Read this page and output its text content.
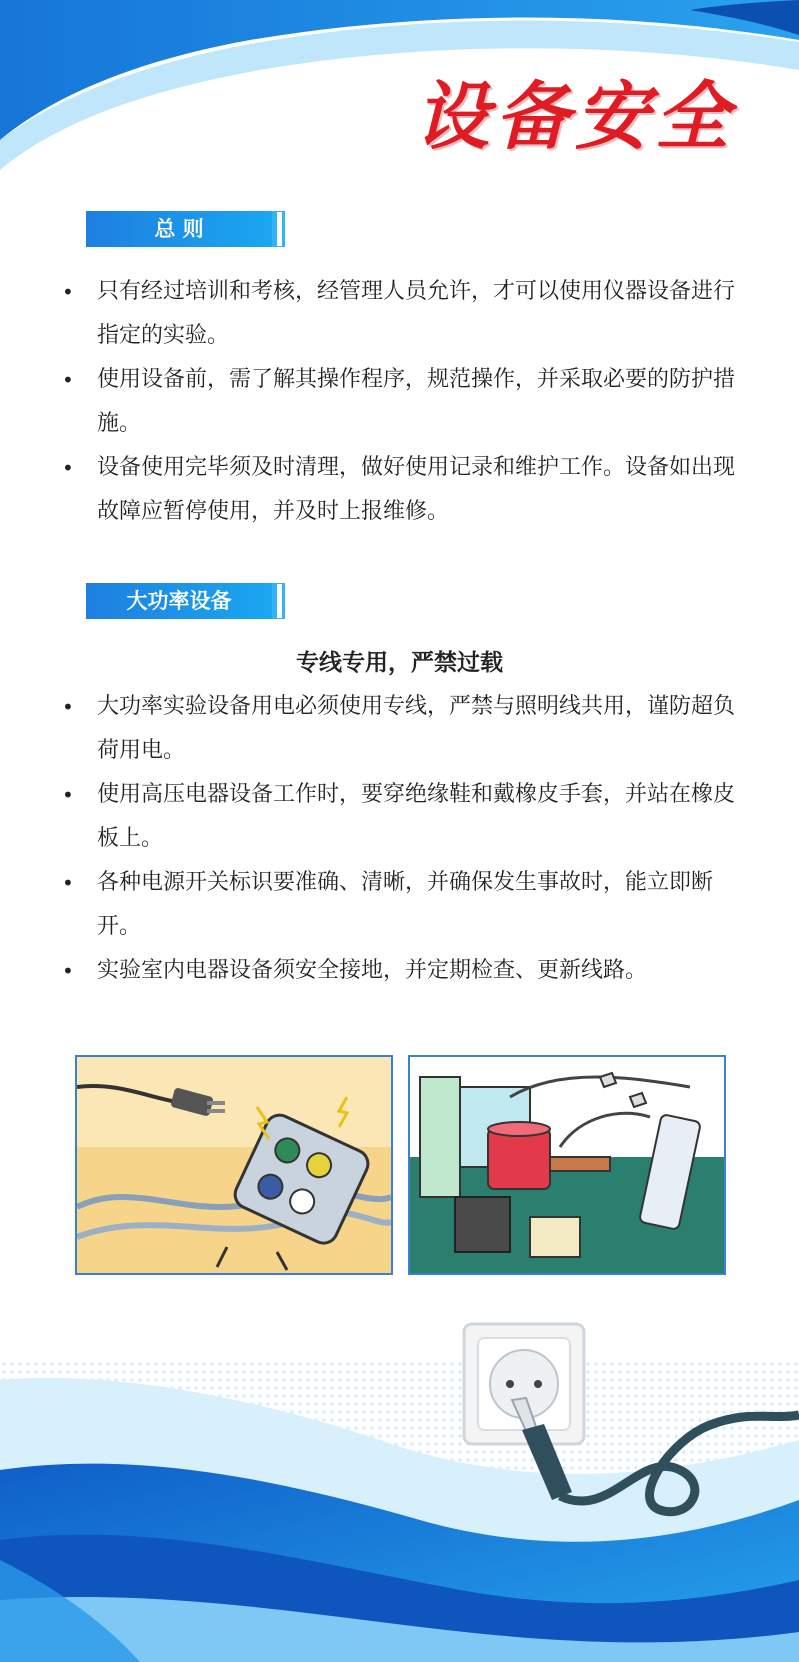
设备安全
总 则
• 只有经过培训和考核，经管理人员允许，才可以使用仪器设备进行指定的实验。
• 使用设备前，需了解其操作程序，规范操作，并采取必要的防护措施。
• 设备使用完毕须及时清理，做好使用记录和维护工作。设备如出现故障应暂停使用，并及时上报维修。
大功率设备
专线专用，严禁过载
• 大功率实验设备用电必须使用专线，严禁与照明线共用，谨防超负荷用电。
• 使用高压电器设备工作时，要穿绝缘鞋和戴橡皮手套，并站在橡皮板上。
• 各种电源开关标识要准确、清晰，并确保发生事故时，能立即断开。
• 实验室内电器设备须安全接地，并定期检查、更新线路。
